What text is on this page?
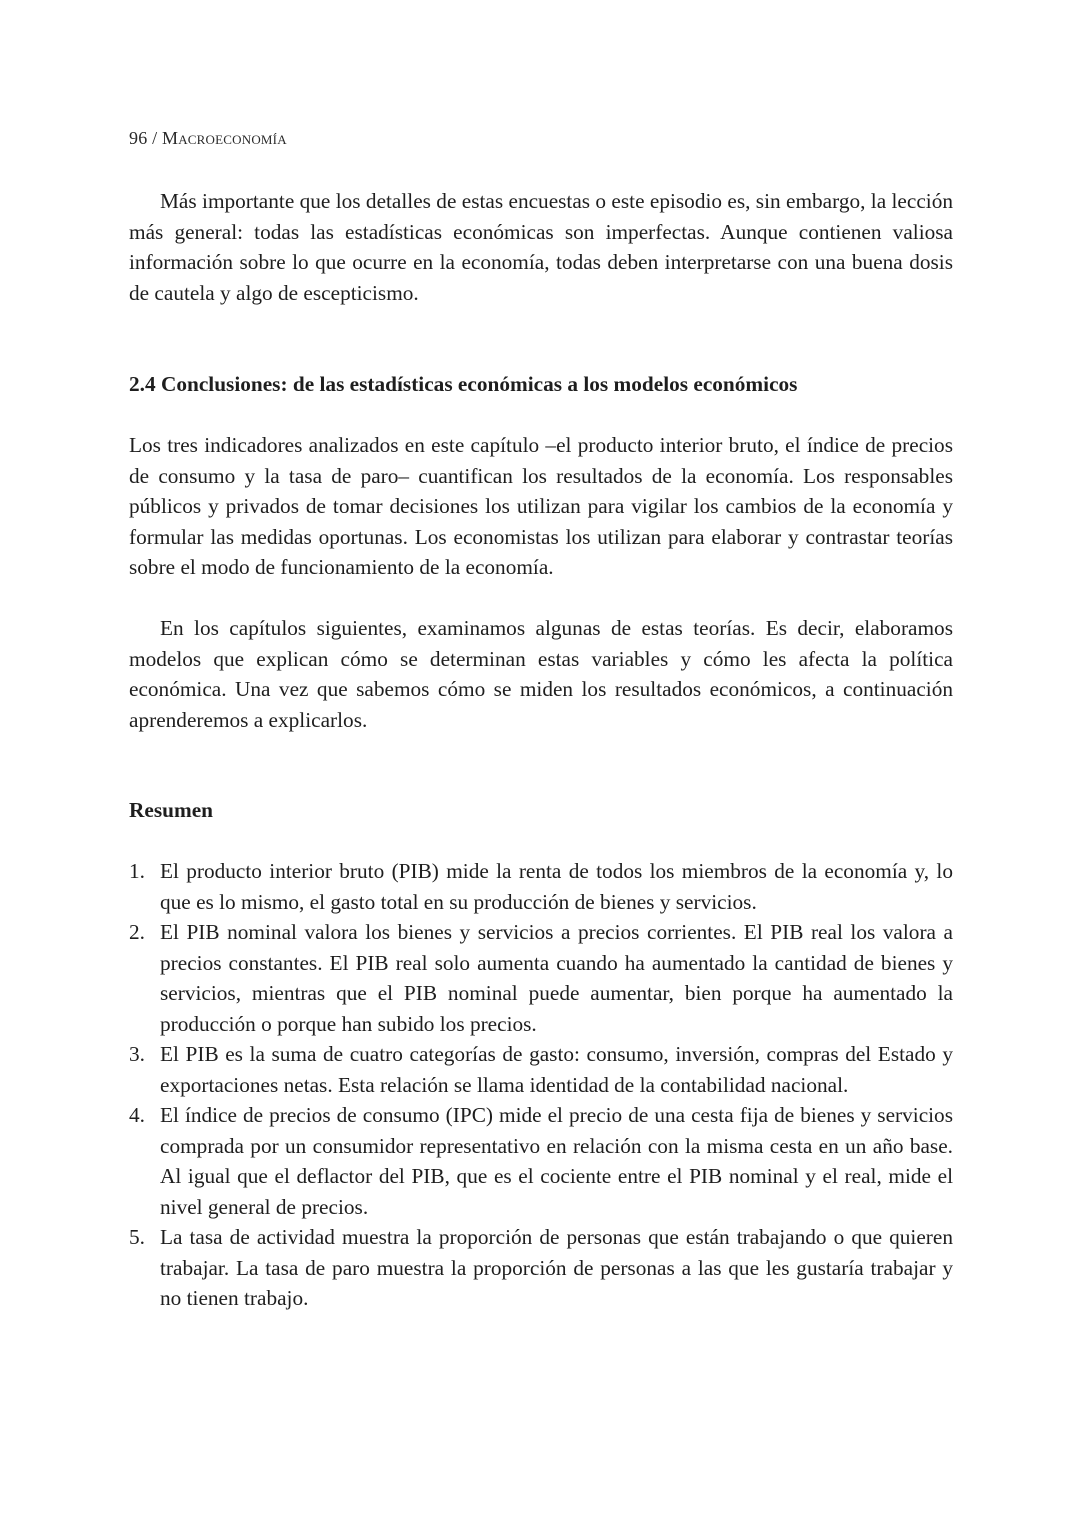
96 / Macroeconomía

Más importante que los detalles de estas encuestas o este episodio es, sin embargo, la lección más general: todas las estadísticas económicas son imperfectas. Aunque contienen valiosa información sobre lo que ocurre en la economía, todas deben interpretarse con una buena dosis de cautela y algo de escepticismo.

2.4 Conclusiones: de las estadísticas económicas a los modelos económicos

Los tres indicadores analizados en este capítulo –el producto interior bruto, el índice de precios de consumo y la tasa de paro– cuantifican los resultados de la economía. Los responsables públicos y privados de tomar decisiones los utilizan para vigilar los cambios de la economía y formular las medidas oportunas. Los economistas los utilizan para elaborar y contrastar teorías sobre el modo de funcionamiento de la economía.

En los capítulos siguientes, examinamos algunas de estas teorías. Es decir, elaboramos modelos que explican cómo se determinan estas variables y cómo les afecta la política económica. Una vez que sabemos cómo se miden los resultados económicos, a continuación aprenderemos a explicarlos.

Resumen
1. El producto interior bruto (PIB) mide la renta de todos los miembros de la economía y, lo que es lo mismo, el gasto total en su producción de bienes y servicios.
2. El PIB nominal valora los bienes y servicios a precios corrientes. El PIB real los valora a precios constantes. El PIB real solo aumenta cuando ha aumentado la cantidad de bienes y servicios, mientras que el PIB nominal puede aumentar, bien porque ha aumentado la producción o porque han subido los precios.
3. El PIB es la suma de cuatro categorías de gasto: consumo, inversión, compras del Estado y exportaciones netas. Esta relación se llama identidad de la contabilidad nacional.
4. El índice de precios de consumo (IPC) mide el precio de una cesta fija de bienes y servicios comprada por un consumidor representativo en relación con la misma cesta en un año base. Al igual que el deflactor del PIB, que es el cociente entre el PIB nominal y el real, mide el nivel general de precios.
5. La tasa de actividad muestra la proporción de personas que están trabajando o que quieren trabajar. La tasa de paro muestra la proporción de personas a las que les gustaría trabajar y no tienen trabajo.
